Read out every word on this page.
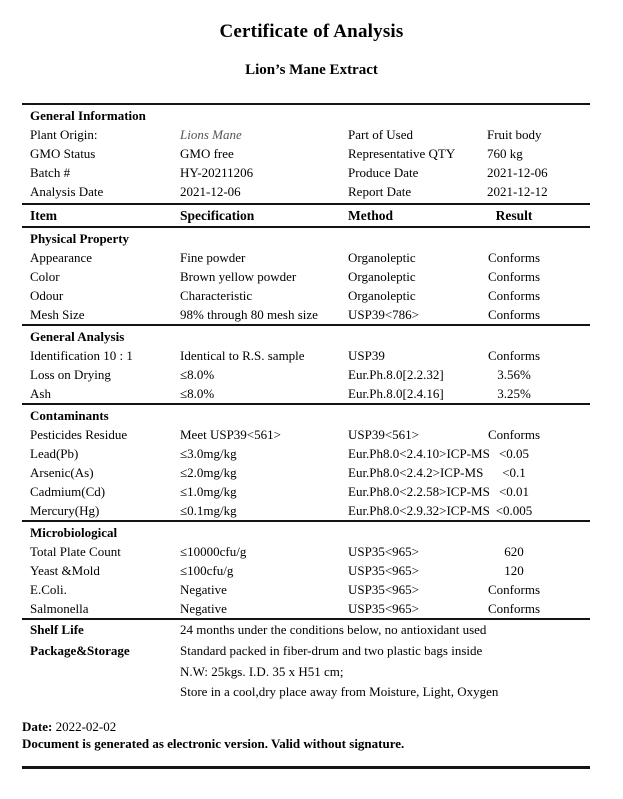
Certificate of Analysis
Lion’s Mane Extract
General Information
Plant Origin:	Lions Mane	Part of Used	Fruit body
GMO Status	GMO free	Representative QTY	760 kg
Batch #	HY-20211206	Produce Date	2021-12-06
Analysis Date	2021-12-06	Report Date	2021-12-12
Item	Specification	Method	Result
Physical Property
Appearance	Fine powder	Organoleptic	Conforms
Color	Brown yellow powder	Organoleptic	Conforms
Odour	Characteristic	Organoleptic	Conforms
Mesh Size	98% through 80 mesh size	USP39<786>	Conforms
General Analysis
Identification 10 : 1	Identical to R.S. sample	USP39	Conforms
Loss on Drying	≤8.0%	Eur.Ph.8.0[2.2.32]	3.56%
Ash	≤8.0%	Eur.Ph.8.0[2.4.16]	3.25%
Contaminants
Pesticides Residue	Meet USP39<561>	USP39<561>	Conforms
Lead(Pb)	≤3.0mg/kg	Eur.Ph8.0<2.4.10>ICP-MS <0.05
Arsenic(As)	≤2.0mg/kg	Eur.Ph8.0<2.4.2>ICP-MS	<0.1
Cadmium(Cd)	≤1.0mg/kg	Eur.Ph8.0<2.2.58>ICP-MS <0.01
Mercury(Hg)	≤0.1mg/kg	Eur.Ph8.0<2.9.32>ICP-MS <0.005
Microbiological
Total Plate Count	≤10000cfu/g	USP35<965>	620
Yeast &Mold	≤100cfu/g	USP35<965>	120
E.Coli.	Negative	USP35<965>	Conforms
Salmonella	Negative	USP35<965>	Conforms
Shelf Life	24 months under the conditions below, no antioxidant used
Package&Storage	Standard packed in fiber-drum and two plastic bags inside
N.W: 25kgs. I.D. 35 x H51 cm;
Store in a cool,dry place away from Moisture, Light, Oxygen
Date: 2022-02-02
Document is generated as electronic version. Valid without signature.
